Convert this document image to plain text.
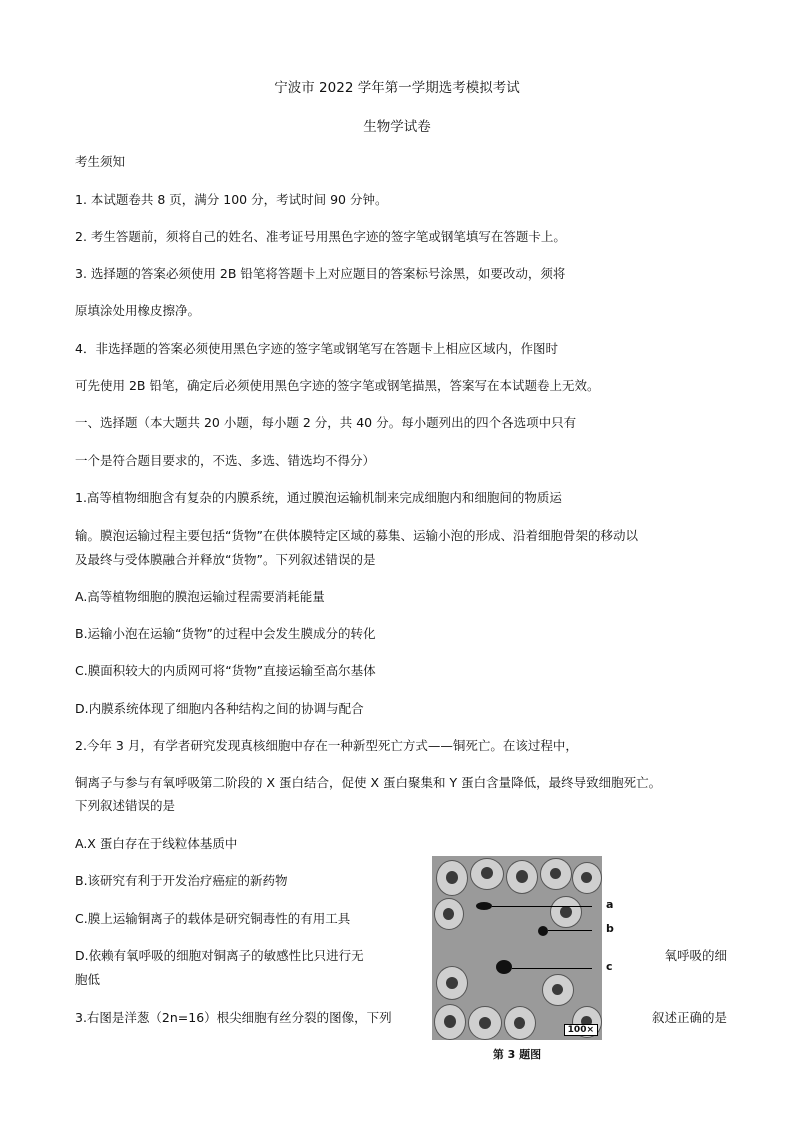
宁波市 2022 学年第一学期选考模拟考试
生物学试卷
考生须知
1. 本试题卷共 8 页，满分 100 分，考试时间 90 分钟。
2. 考生答题前，须将自己的姓名、准考证号用黑色字迹的签字笔或钢笔填写在答题卡上。
3. 选择题的答案必须使用 2B 铅笔将答题卡上对应题目的答案标号涂黑，如要改动，须将
原填涂处用橡皮擦净。
4．非选择题的答案必须使用黑色字迹的签字笔或钢笔写在答题卡上相应区域内，作图时
可先使用 2B 铅笔，确定后必须使用黑色字迹的签字笔或钢笔描黑，答案写在本试题卷上无效。
一、选择题（本大题共 20 小题，每小题 2 分，共 40 分。每小题列出的四个各选项中只有
一个是符合题目要求的，不选、多选、错选均不得分）
1.高等植物细胞含有复杂的内膜系统，通过膜泡运输机制来完成细胞内和细胞间的物质运
输。膜泡运输过程主要包括“货物”在供体膜特定区域的募集、运输小泡的形成、沿着细胞骨架的移动以
及最终与受体膜融合并释放“货物”。下列叙述错误的是
A.高等植物细胞的膜泡运输过程需要消耗能量
B.运输小泡在运输“货物”的过程中会发生膜成分的转化
C.膜面积较大的内质网可将“货物”直接运输至高尔基体
D.内膜系统体现了细胞内各种结构之间的协调与配合
2.今年 3 月，有学者研究发现真核细胞中存在一种新型死亡方式——铜死亡。在该过程中，
铜离子与参与有氧呼吸第二阶段的 X 蛋白结合，促使 X 蛋白聚集和 Y 蛋白含量降低，最终导致细胞死亡。
下列叙述错误的是
A.X 蛋白存在于线粒体基质中
B.该研究有利于开发治疗癌症的新药物
C.膜上运输铜离子的载体是研究铜毒性的有用工具
D.依赖有氧呼吸的细胞对铜离子的敏感性比只进行无	氧呼吸的细
胞低
3.右图是洋葱（2n=16）根尖细胞有丝分裂的图像，下列	叙述正确的是
100×
a
b
c
第 3 题图
